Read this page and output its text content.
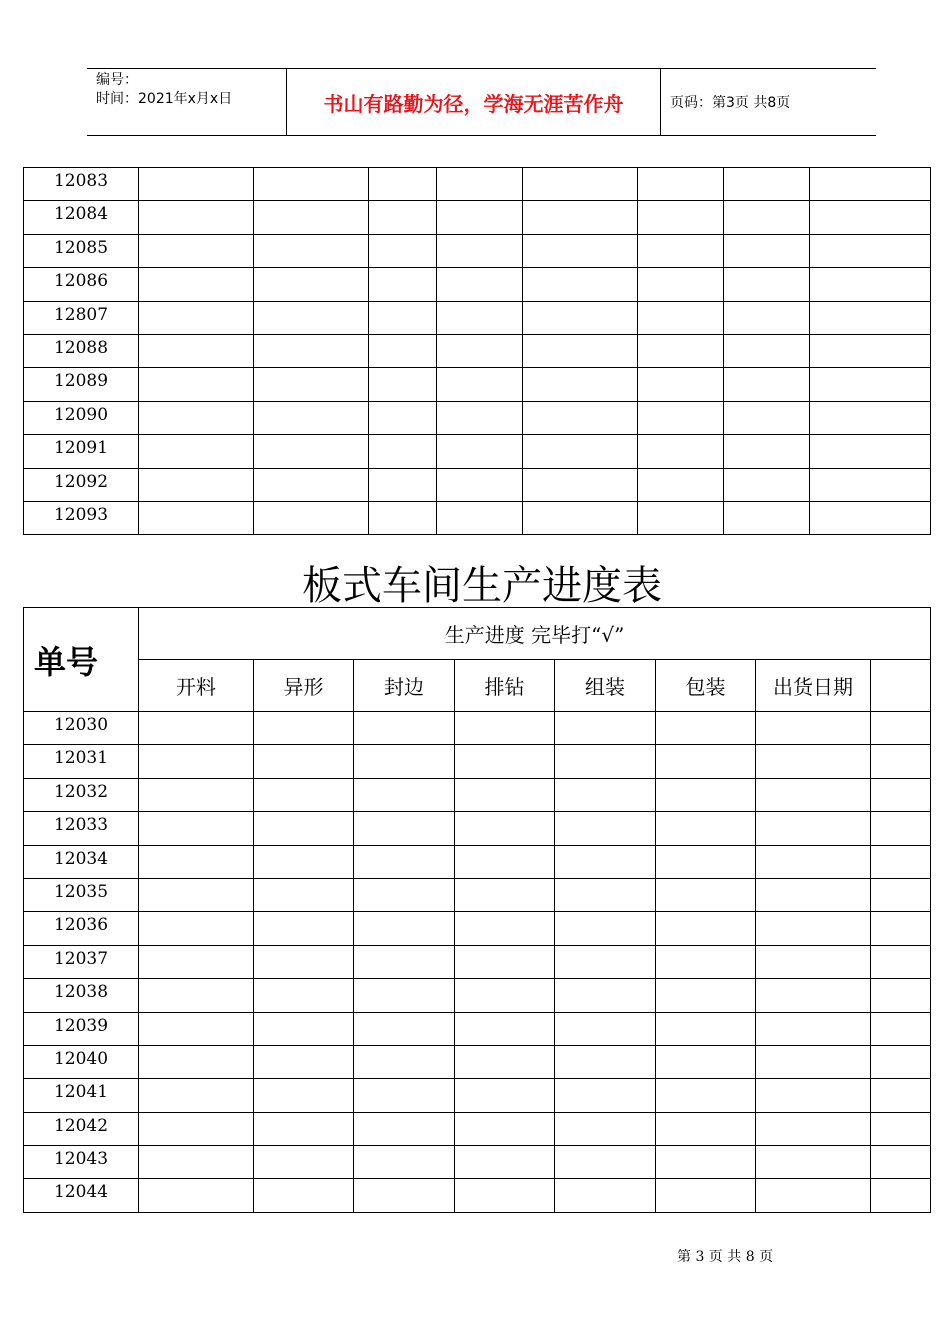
编号：
时间：2021年x月x日	书山有路勤为径，学海无涯苦作舟	页码：第3页 共8页
12083								
12084								
12085								
12086								
12807								
12088								
12089								
12090								
12091								
12092								
12093								
板式车间生产进度表
单号	生产进度 完毕打“√”							
	开料	异形	封边	排钻	组装	包装	出货日期	
12030								
12031								
12032								
12033								
12034								
12035								
12036								
12037								
12038								
12039								
12040								
12041								
12042								
12043								
12044								
第 3 页 共 8 页
